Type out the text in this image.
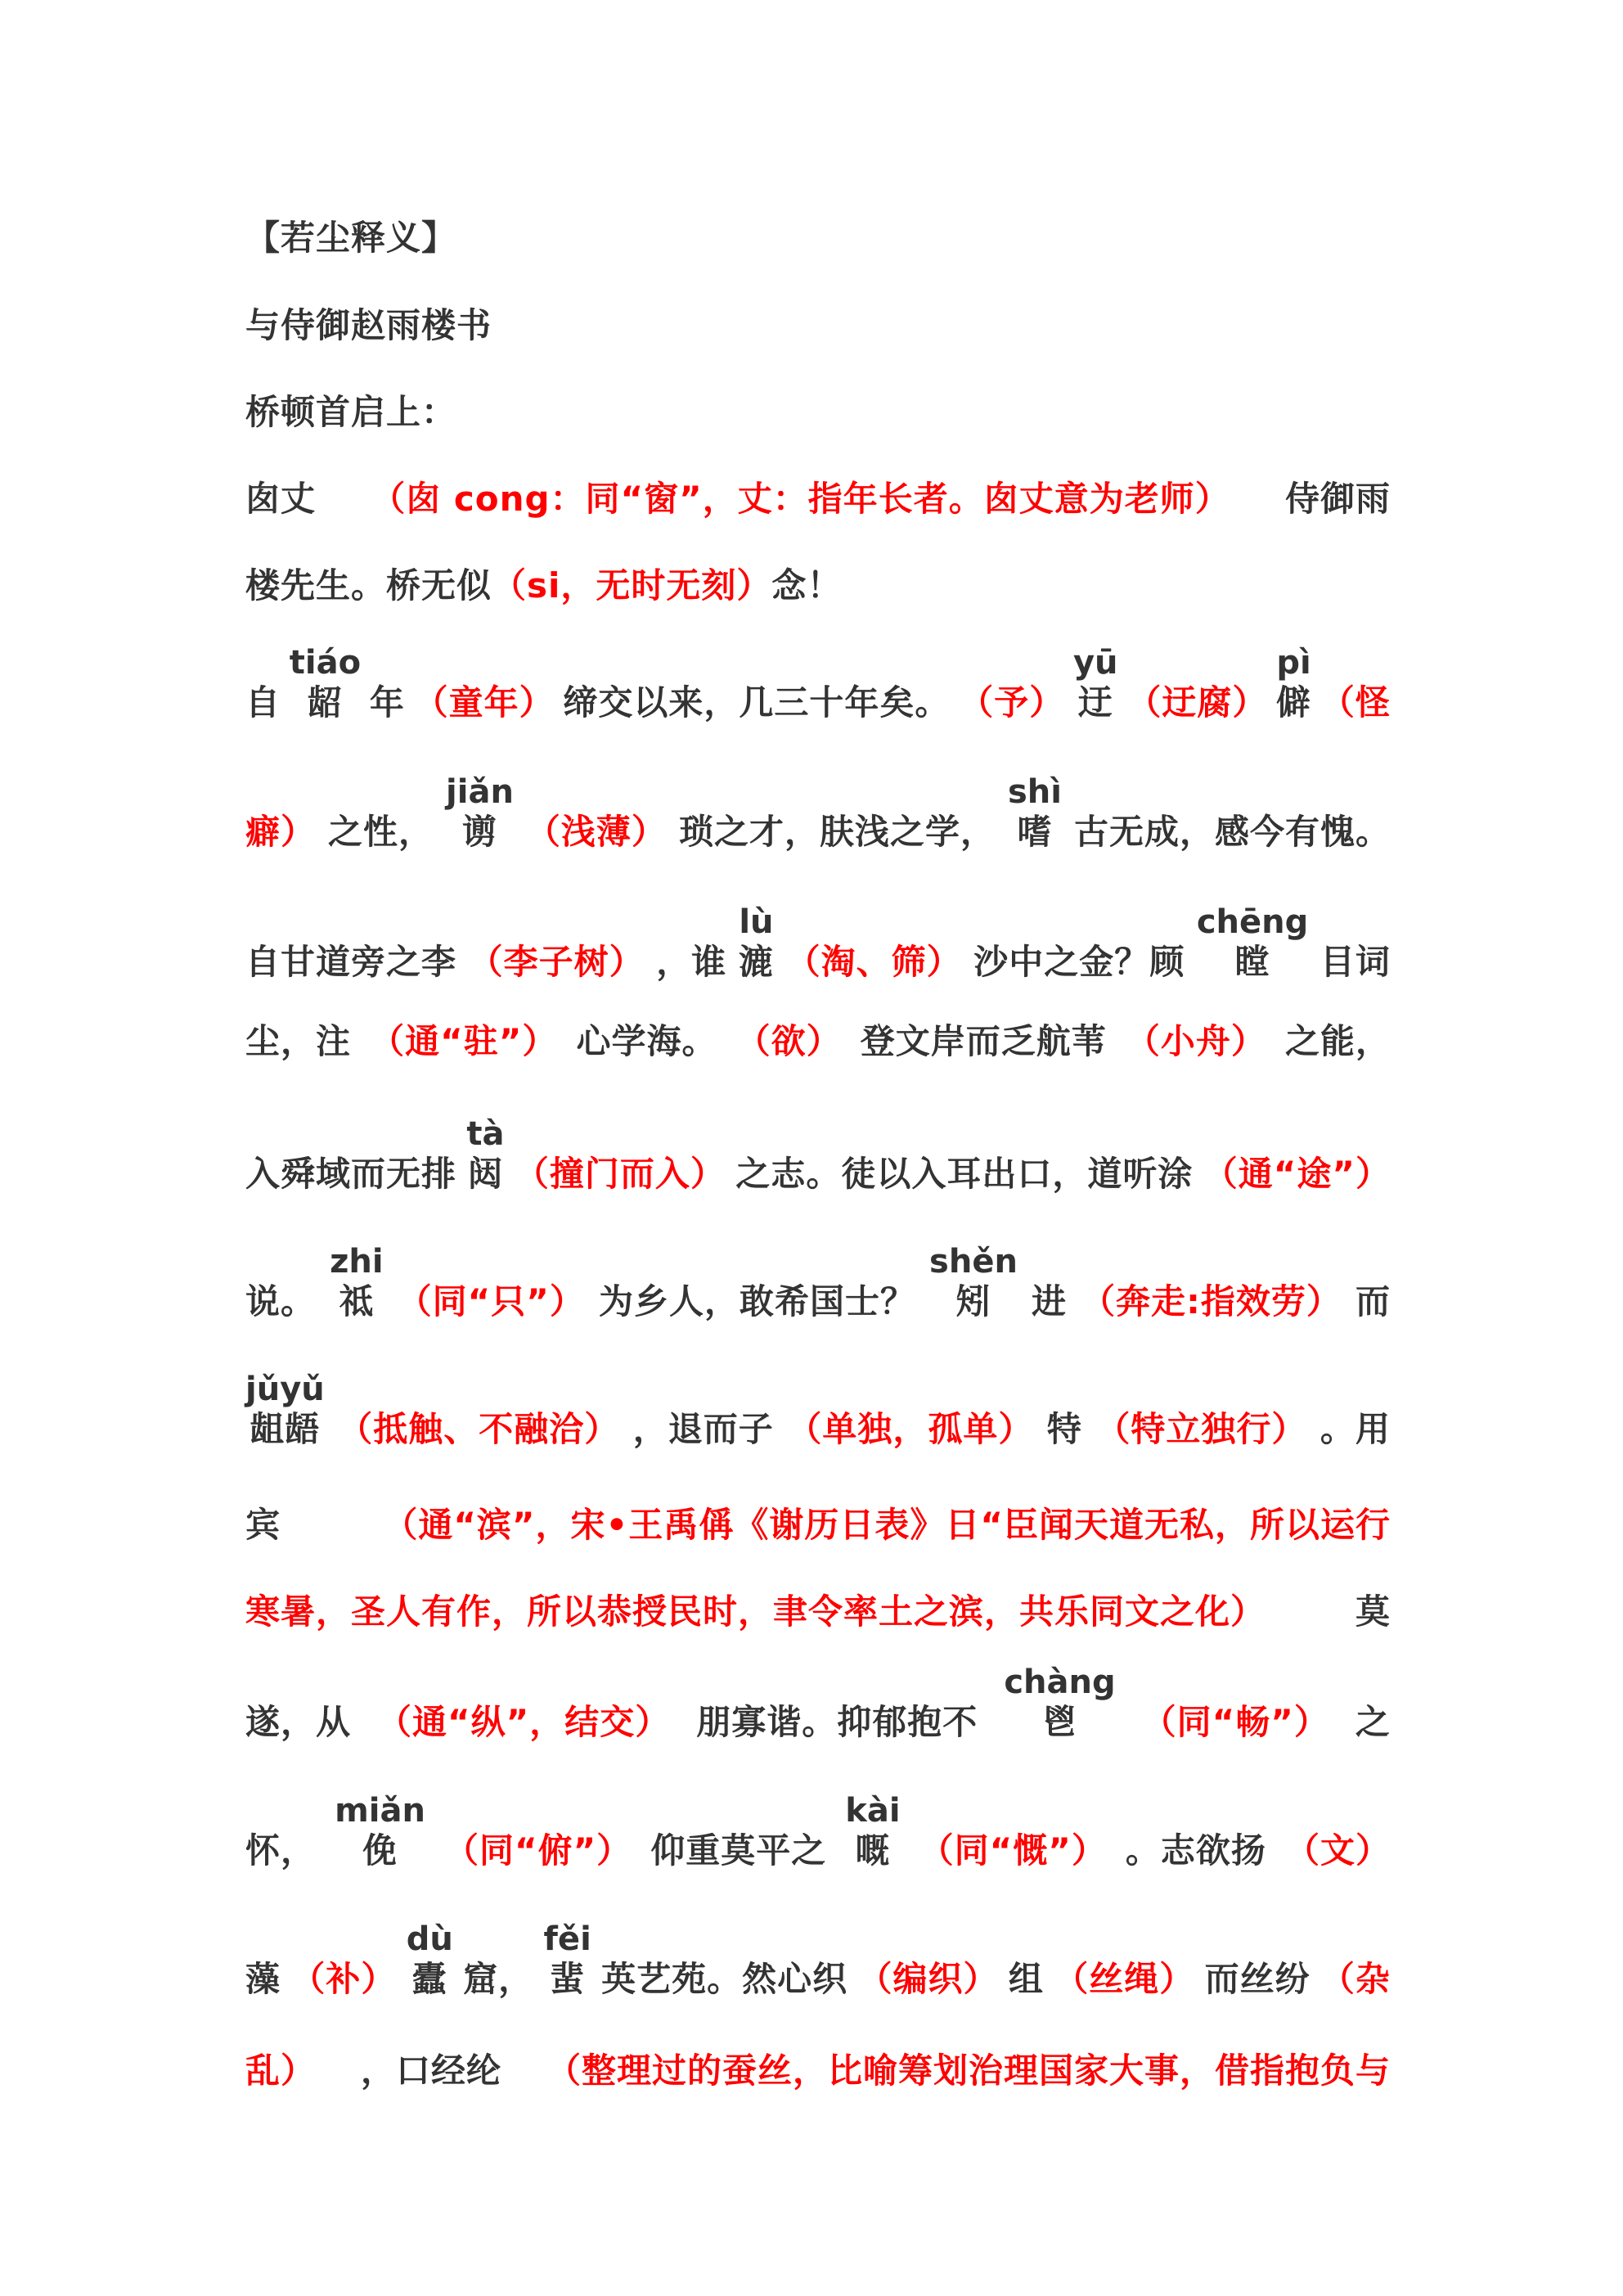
【若尘释义】
与侍御赵雨楼书
桥顿首启上：
囱丈 （囱 cong：同“窗”，丈：指年长者。囱丈意为老师） 侍御雨
楼先生。桥无似（si，无时无刻）念！
自
tiáo
龆 年 （童年） 缔交以来，几三十年矣。 （予）
yū
迂 （迂腐）
pì
僻 （怪
癖） 之性，
jiǎn
谫 （浅薄） 琐之才，肤浅之学，
shì
嗜 古无成，感今有愧。
自甘道旁之李 （李子树） ，谁
lù
漉 （淘、筛） 沙中之金？顾
chēng
瞠 目词
尘，注 （通“驻”） 心学海。 （欲） 登文岸而乏航苇 （小舟） 之能，
入舜域而无排
tà
闼 （撞门而入） 之志。徒以入耳出口，道听涂 （通“途”）
说。
zhi
祗 （同“只”） 为乡人，敢希国士？
shěn
矧 进 （奔走:指效劳） 而
jǔyǔ
龃龉 （抵触、不融洽） ，退而子 （单独，孤单） 特 （特立独行） 。用
宾	（通“滨”，宋•王禹偁《谢历日表》日“臣闻天道无私，所以运行
寒暑，圣人有作，所以恭授民时，聿令率土之滨，共乐同文之化）	莫
遂，从 （通“纵”，结交） 朋寡谐。抑郁抱不
chàng
鬯 （同“畅”） 之
怀，
miǎn
俛 （同“俯”） 仰重莫平之
kài
嘅 （同“慨”） 。志欲扬 （文）
藻 （补）
dù
蠹 窟，
fěi
蜚 英艺苑。然心织 （编织） 组 （丝绳） 而丝纷 （杂
乱） ，口经纶 （整理过的蚕丝，比喻筹划治理国家大事，借指抱负与
